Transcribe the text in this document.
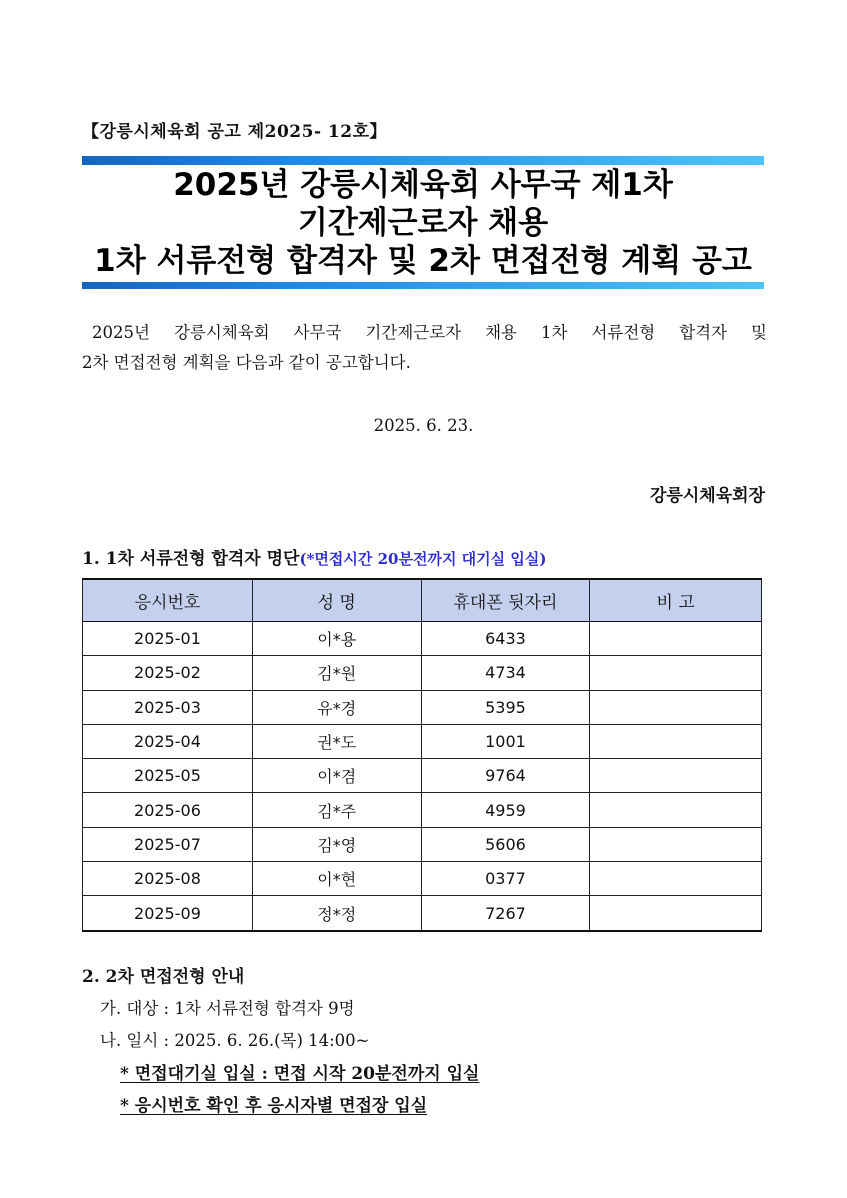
【강릉시체육회 공고 제2025- 12호】
2025년 강릉시체육회 사무국 제1차
기간제근로자 채용
1차 서류전형 합격자 및 2차 면접전형 계획 공고
2025년 강릉시체육회 사무국 기간제근로자 채용 1차 서류전형 합격자 및
2차 면접전형 계획을 다음과 같이 공고합니다.
2025. 6. 23.
강릉시체육회장
1. 1차 서류전형 합격자 명단(*면접시간 20분전까지 대기실 입실)
응시번호	성 명	휴대폰 뒷자리	비 고
2025-01	이*용	6433	
2025-02	김*원	4734	
2025-03	유*경	5395	
2025-04	권*도	1001	
2025-05	이*겸	9764	
2025-06	김*주	4959	
2025-07	김*영	5606	
2025-08	이*현	0377	
2025-09	정*정	7267	
2. 2차 면접전형 안내
가. 대상 : 1차 서류전형 합격자 9명
나. 일시 : 2025. 6. 26.(목) 14:00~
* 면접대기실 입실 : 면접 시작 20분전까지 입실
* 응시번호 확인 후 응시자별 면접장 입실
